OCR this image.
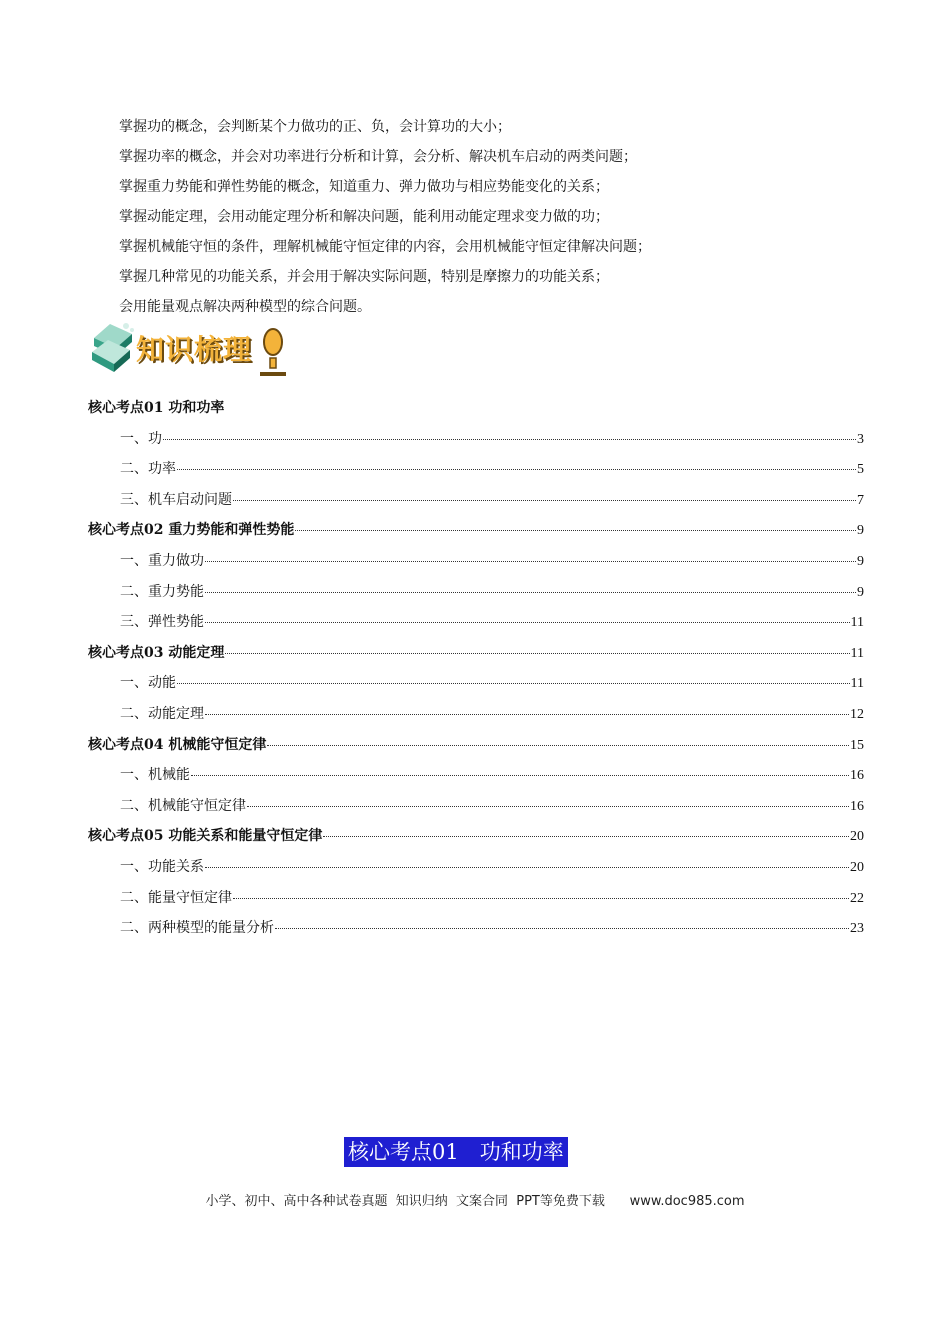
掌握功的概念，会判断某个力做功的正、负，会计算功的大小；
掌握功率的概念，并会对功率进行分析和计算，会分析、解决机车启动的两类问题；
掌握重力势能和弹性势能的概念，知道重力、弹力做功与相应势能变化的关系；
掌握动能定理，会用动能定理分析和解决问题，能利用动能定理求变力做的功；
掌握机械能守恒的条件，理解机械能守恒定律的内容，会用机械能守恒定律解决问题；
掌握几种常见的功能关系，并会用于解决实际问题，特别是摩擦力的功能关系；
会用能量观点解决两种模型的综合问题。
知识梳理
核心考点01 功和功率
一、功	3
二、功率	5
三、机车启动问题	7
核心考点02 重力势能和弹性势能	9
一、重力做功	9
二、重力势能	9
三、弹性势能	11
核心考点03 动能定理	11
一、动能	11
二、动能定理	12
核心考点04 机械能守恒定律	15
一、机械能	16
二、机械能守恒定律	16
核心考点05 功能关系和能量守恒定律	20
一、功能关系	20
二、能量守恒定律	22
二、两种模型的能量分析	23
核心考点01　功和功率
小学、初中、高中各种试卷真题  知识归纳  文案合同  PPT等免费下载      www.doc985.com
